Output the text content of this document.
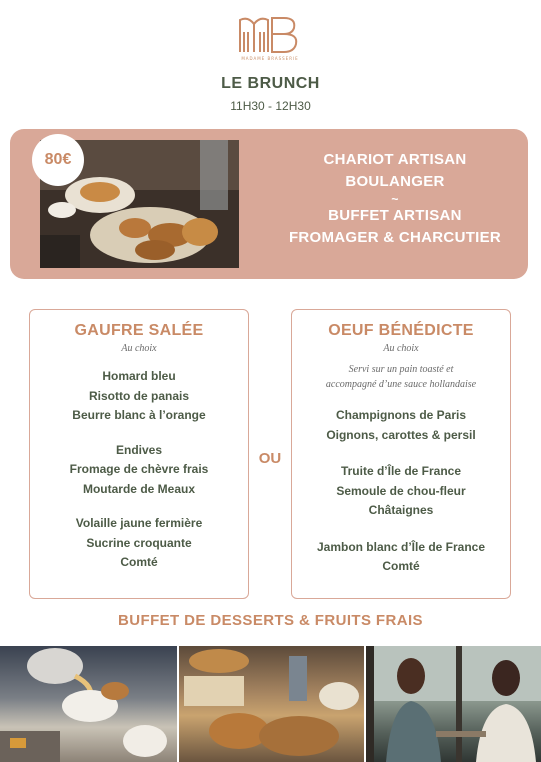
MADAME BRASSERIE
LE BRUNCH
11H30 - 12H30
80€	CHARIOT ARTISAN
BOULANGER
~
BUFFET ARTISAN
FROMAGER & CHARCUTIER
GAUFRE SALÉE
Au choix
Homard bleu
Risotto de panais
Beurre blanc à l’orange
Endives
Fromage de chèvre frais
Moutarde de Meaux
Volaille jaune fermière
Sucrine croquante
Comté
OU
OEUF BÉNÉDICTE
Au choix
Servi sur un pain toasté et
accompagné d’une sauce hollandaise
Champignons de Paris
Oignons, carottes & persil
Truite d’Île de France
Semoule de chou-fleur
Châtaignes
Jambon blanc d’Île de France
Comté
BUFFET DE DESSERTS & FRUITS FRAIS
